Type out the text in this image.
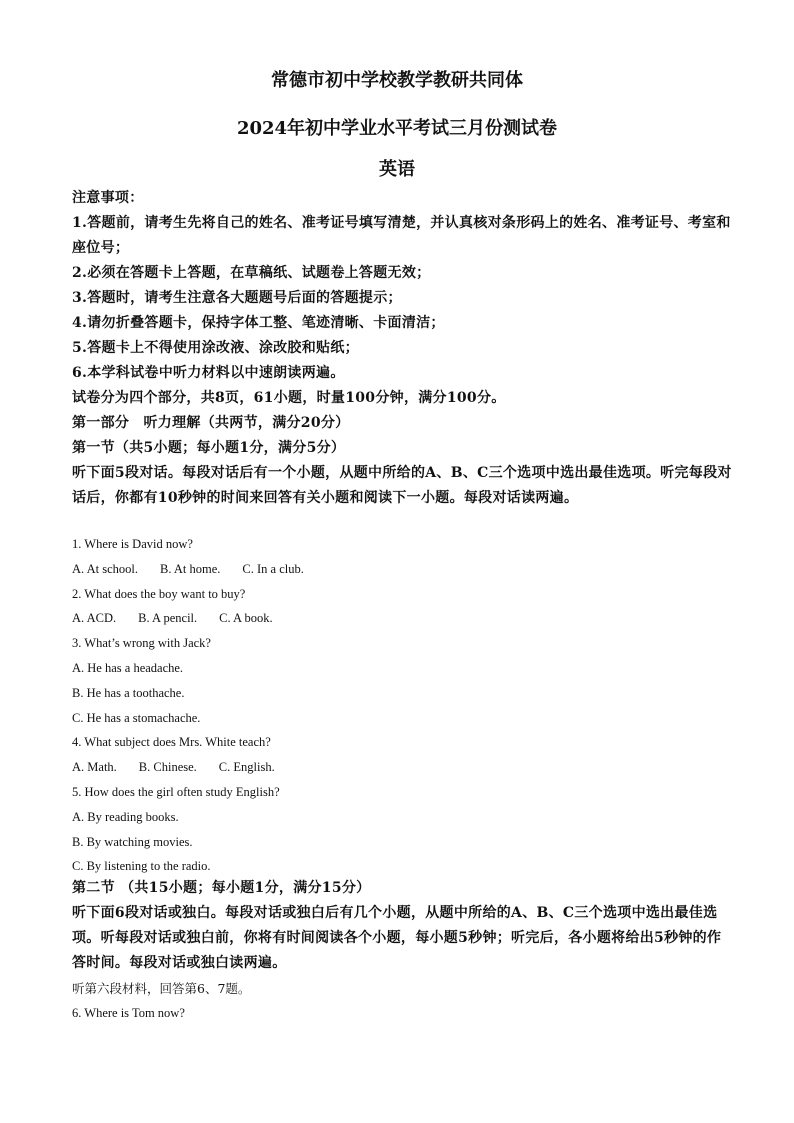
常德市初中学校教学教研共同体
2024年初中学业水平考试三月份测试卷
英语

注意事项：

1.答题前，请考生先将自己的姓名、准考证号填写清楚，并认真核对条形码上的姓名、准考证号、考室和座位号；

2.必须在答题卡上答题，在草稿纸、试题卷上答题无效；

3.答题时，请考生注意各大题题号后面的答题提示；

4.请勿折叠答题卡，保持字体工整、笔迹清晰、卡面清洁；

5.答题卡上不得使用涂改液、涂改胶和贴纸；

6.本学科试卷中听力材料以中速朗读两遍。

试卷分为四个部分，共8页，61小题，时量100分钟，满分100分。

第一部分　听力理解（共两节，满分20分）

第一节（共5小题；每小题1分，满分5分）

听下面5段对话。每段对话后有一个小题，从题中所给的A、B、C三个选项中选出最佳选项。听完每段对话后，你都有10秒钟的时间来回答有关小题和阅读下一小题。每段对话读两遍。

1. Where is David now?

A. At school. B. At home. C. In a club.

2. What does the boy want to buy?

A. ACD. B. A pencil. C. A book.

3. What’s wrong with Jack?

A. He has a headache.

B. He has a toothache.

C. He has a stomachache.

4. What subject does Mrs. White teach?

A. Math. B. Chinese. C. English.

5. How does the girl often study English?

A. By reading books.

B. By watching movies.

C. By listening to the radio.

第二节 （共15小题；每小题1分，满分15分）

听下面6段对话或独白。每段对话或独白后有几个小题，从题中所给的A、B、C三个选项中选出最佳选项。听每段对话或独白前，你将有时间阅读各个小题，每小题5秒钟；听完后，各小题将给出5秒钟的作答时间。每段对话或独白读两遍。

听第六段材料，回答第6、7题。

6. Where is Tom now?
